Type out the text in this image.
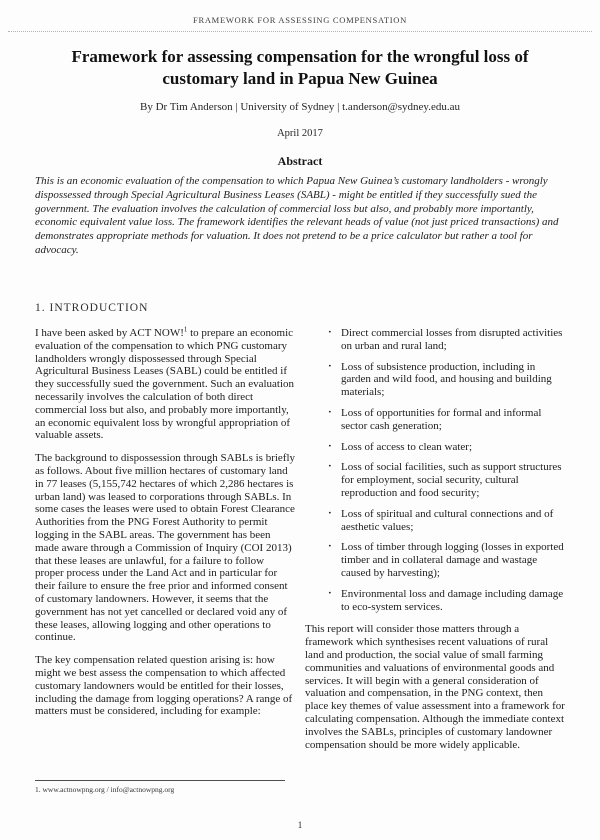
FRAMEWORK FOR ASSESSING COMPENSATION
Framework for assessing compensation for the wrongful loss of customary land in Papua New Guinea
By Dr Tim Anderson | University of Sydney | t.anderson@sydney.edu.au
April 2017
Abstract
This is an economic evaluation of the compensation to which Papua New Guinea’s customary landholders - wrongly dispossessed through Special Agricultural Business Leases (SABL) - might be entitled if they successfully sued the government. The evaluation involves the calculation of commercial loss but also, and probably more importantly, economic equivalent value loss. The framework identifies the relevant heads of value (not just priced transactions) and demonstrates appropriate methods for valuation. It does not pretend to be a price calculator but rather a tool for advocacy.
1. INTRODUCTION

I have been asked by ACT NOW!$^1$ to prepare an economic evaluation of the compensation to which PNG customary landholders wrongly dispossessed through Special Agricultural Business Leases (SABL) could be entitled if they successfully sued the government. Such an evaluation necessarily involves the calculation of both direct commercial loss but also, and probably more importantly, an economic equivalent loss by wrongful appropriation of valuable assets.

The background to dispossession through SABLs is briefly as follows. About five million hectares of customary land in 77 leases (5,155,742 hectares of which 2,286 hectares is urban land) was leased to corporations through SABLs. In some cases the leases were used to obtain Forest Clearance Authorities from the PNG Forest Authority to permit logging in the SABL areas. The government has been made aware through a Commission of Inquiry (COI 2013) that these leases are unlawful, for a failure to follow proper process under the Land Act and in particular for their failure to ensure the free prior and informed consent of customary landowners. However, it seems that the government has not yet cancelled or declared void any of these leases, allowing logging and other operations to continue.

The key compensation related question arising is: how might we best assess the compensation to which affected customary landowners would be entitled for their losses, including the damage from logging operations? A range of matters must be considered, including for example:

1. www.actnowpng.org / info@actnowpng.org
· Direct commercial losses from disrupted activities on urban and rural land;
· Loss of subsistence production, including in garden and wild food, and housing and building materials;
· Loss of opportunities for formal and informal sector cash generation;
· Loss of access to clean water;
· Loss of social facilities, such as support structures for employment, social security, cultural reproduction and food security;
· Loss of spiritual and cultural connections and of aesthetic values;
· Loss of timber through logging (losses in exported timber and in collateral damage and wastage caused by harvesting);
· Environmental loss and damage including damage to eco-system services.

This report will consider those matters through a framework which synthesises recent valuations of rural land and production, the social value of small farming communities and valuations of environmental goods and services. It will begin with a general consideration of valuation and compensation, in the PNG context, then place key themes of value assessment into a framework for calculating compensation. Although the immediate context involves the SABLs, principles of customary landowner compensation should be more widely applicable.

1
